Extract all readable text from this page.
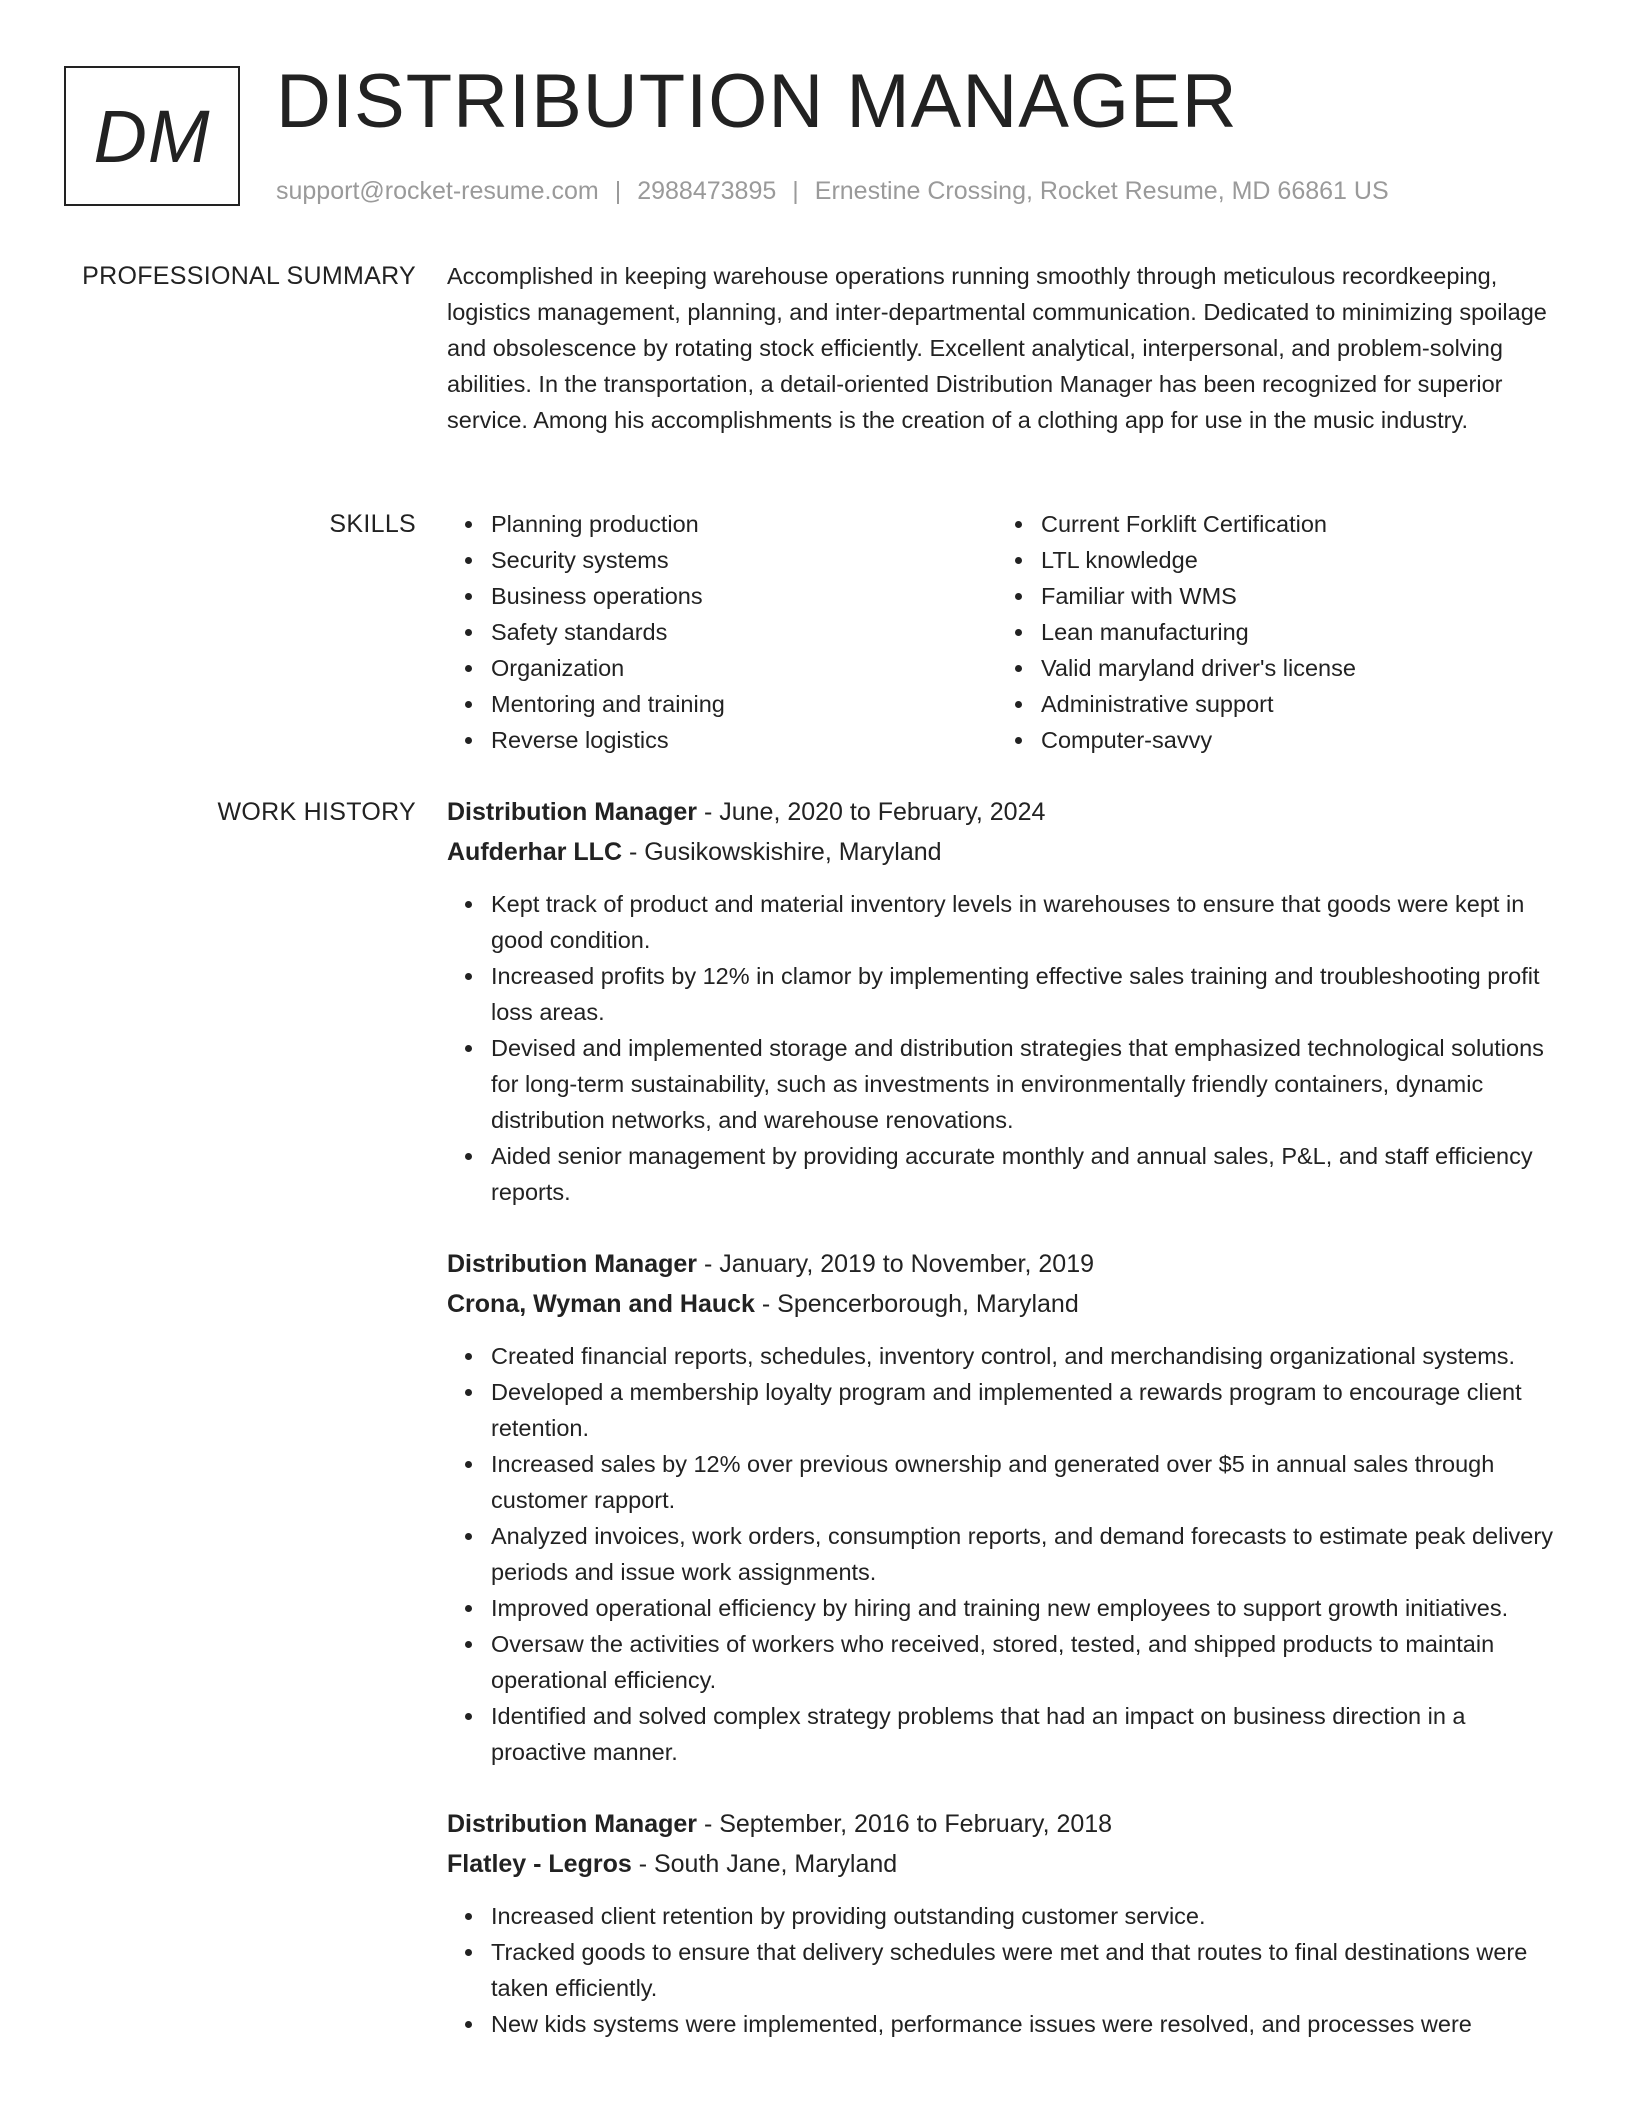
DM DISTRIBUTION MANAGER
support@rocket-resume.com | 2988473895 | Ernestine Crossing, Rocket Resume, MD 66861 US
PROFESSIONAL SUMMARY Accomplished in keeping warehouse operations running smoothly through meticulous recordkeeping, logistics management, planning, and inter-departmental communication. Dedicated to minimizing spoilage and obsolescence by rotating stock efficiently. Excellent analytical, interpersonal, and problem-solving abilities. In the transportation, a detail-oriented Distribution Manager has been recognized for superior service. Among his accomplishments is the creation of a clothing app for use in the music industry.

SKILLS	Planning production
Security systems
Business operations
Safety standards
Organization
Mentoring and training
Reverse logistics
Current Forklift Certification
LTL knowledge
Familiar with WMS
Lean manufacturing
Valid maryland driver's license
Administrative support
Computer-savvy
WORK HISTORY Distribution Manager - June, 2020 to February, 2024
Aufderhar LLC - Gusikowskishire, Maryland
Kept track of product and material inventory levels in warehouses to ensure that goods were kept in good condition.
Increased profits by 12% in clamor by implementing effective sales training and troubleshooting profit loss areas.
Devised and implemented storage and distribution strategies that emphasized technological solutions for long-term sustainability, such as investments in environmentally friendly containers, dynamic distribution networks, and warehouse renovations.
Aided senior management by providing accurate monthly and annual sales, P&L, and staff efficiency reports.
Distribution Manager - January, 2019 to November, 2019
Crona, Wyman and Hauck - Spencerborough, Maryland
Created financial reports, schedules, inventory control, and merchandising organizational systems.
Developed a membership loyalty program and implemented a rewards program to encourage client retention.
Increased sales by 12% over previous ownership and generated over $5 in annual sales through customer rapport.
Analyzed invoices, work orders, consumption reports, and demand forecasts to estimate peak delivery periods and issue work assignments.
Improved operational efficiency by hiring and training new employees to support growth initiatives.
Oversaw the activities of workers who received, stored, tested, and shipped products to maintain operational efficiency.
Identified and solved complex strategy problems that had an impact on business direction in a proactive manner.
Distribution Manager - September, 2016 to February, 2018
Flatley - Legros - South Jane, Maryland
Increased client retention by providing outstanding customer service.
Tracked goods to ensure that delivery schedules were met and that routes to final destinations were taken efficiently.
New kids systems were implemented, performance issues were resolved, and processes were
